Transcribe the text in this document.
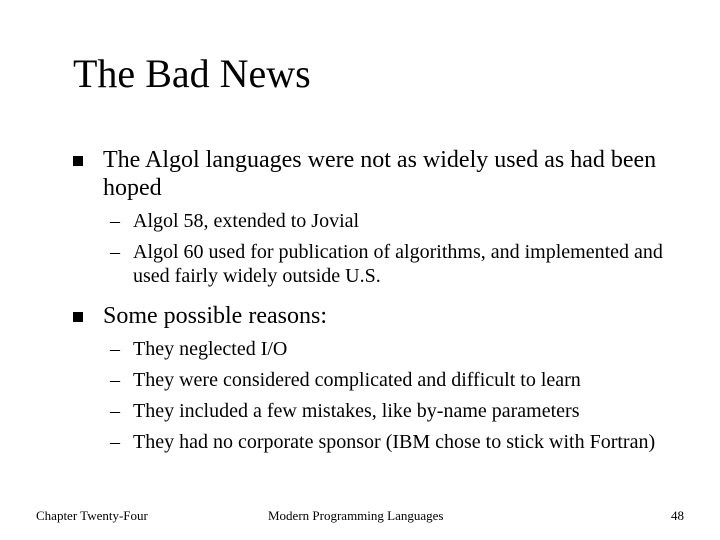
The Bad News
The Algol languages were not as widely used as had been hoped
– Algol 58, extended to Jovial
– Algol 60 used for publication of algorithms, and implemented and used fairly widely outside U.S.
Some possible reasons:
– They neglected I/O
– They were considered complicated and difficult to learn
– They included a few mistakes, like by-name parameters
– They had no corporate sponsor (IBM chose to stick with Fortran)
Chapter Twenty-Four	Modern Programming Languages	48
